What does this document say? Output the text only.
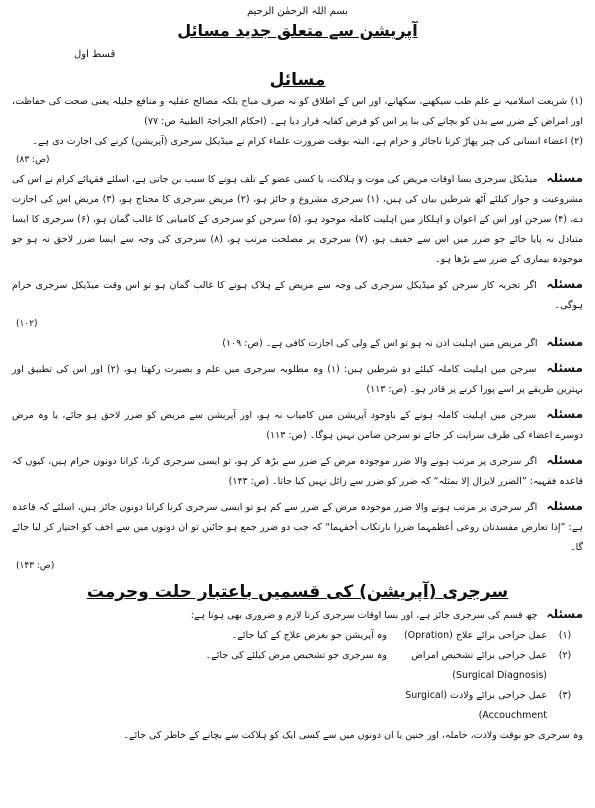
بسم اللہ الرحمٰن الرحیم
آپریشن سے متعلق جدید مسائل
قسط اول
مسائل
(۱) شریعت اسلامیہ نے علم طب سیکھنے، سکھانے، اور اس کے اطلاق کو نہ صرف مباح بلکہ مصالح عقلیہ و منافع جلیلہ یعنی صحت کی حفاظت، اور امراض کے ضرر سے بدن کو بچانے کی بنا پر اس کو فرض کفایہ قرار دیا ہے۔ (احکام الجراحۃ الطبیۃ ص: ۷۷)
(۲) اعضاء انسانی کی چیر پھاڑ کرنا ناجائز و حرام ہے، البتہ بوقت ضرورت علماء کرام نے میڈیکل سرجری (آپریشن) کرنے کی اجازت دی ہے۔
(ص: ۸۳)
مسئلہ میڈیکل سرجری بسا اوقات مریض کی موت و ہلاکت، یا کسی عضو کے تلف ہونے کا سبب بن جاتی ہے، اسلئے فقہائے کرام نے اس کی مشروعیت و جواز کیلئے آٹھ شرطیں بیان کی ہیں، (۱) سرجری مشروع و جائز ہو، (۲) مریض سرجری کا محتاج ہو، (۳) مریض اس کی اجازت دے، (۴) سرجن اور اس کے اعوان و اہلکار میں اہلیت کاملہ موجود ہو، (۵) سرجن کو سرجری کے کامیابی کا غالب گمان ہو، (۶) سرجری کا ایسا متبادل نہ پایا جائے جو ضرر میں اس سے خفیف ہو، (۷) سرجری پر مصلحت مرتب ہو، (۸) سرجری کی وجہ سے ایسا ضرر لاحق نہ ہو جو موجودہ بیماری کے ضرر سے بڑھا ہو۔
مسئلہ اگر تجربہ کار سرجن کو میڈیکل سرجری کی وجہ سے مریض کے ہلاک ہونے کا غالب گمان ہو تو اس وقت میڈیکل سرجری حرام ہوگی۔
(۱۰۲)
مسئلہ اگر مریض میں اہلیت اذن نہ ہو تو اس کے ولی کی اجازت کافی ہے۔ (ص: ۱۰۹)
مسئلہ سرجن میں اہلیت کاملہ کیلئے دو شرطیں ہیں: (۱) وہ مطلوبہ سرجری میں علم و بصیرت رکھتا ہو، (۲) اور اس کی تطبیق اور بہترین طریقے پر اسے پورا کرنے پر قادر ہو۔ (ص: ۱۱۳)
مسئلہ سرجن میں اہلیت کاملہ ہونے کے باوجود آپریشن میں کامیاب نہ ہو، اور آپریشن سے مریض کو ضرر لاحق ہو جائے، یا وہ مرض دوسرے اعضاء کی طرف سرایت کر جائے تو سرجن ضامن نہیں ہوگا۔ (ص: ۱۱۳)
مسئلہ اگر سرجری پر مرتب ہونے والا ضرر موجودہ مرض کے ضرر سے بڑھ کر ہو، تو ایسی سرجری کرنا، کرانا دونوں حرام ہیں، کیوں کہ قاعدہ فقہیہ: ”الضرر لایزال إلا بمثلہ“ کہ ضرر کو ضرر سے زائل نہیں کیا جاتا۔ (ص: ۱۴۳)
مسئلہ اگر سرجری پر مرتب ہونے والا ضرر موجودہ مرض کے ضرر سے کم ہو تو ایسی سرجری کرنا کرانا دونوں جائز ہیں، اسلئے کہ قاعدہ ہے: ”إذا تعارض مفسدتان روعی أعظمہما ضررا بارتکاب أخفہما“ کہ جب دو ضرر جمع ہو جائیں تو ان دونوں میں سے اخف کو اختیار کر لیا جائے گا۔
(ص: ۱۴۳)
سرجری (آپریشن) کی قسمیں باعتبار حلت وحرمت
مسئلہ چھ قسم کی سرجری جائز ہے، اور بسا اوقات سرجری کرنا لازم و ضروری بھی ہوتا ہے:
(۱)
عمل جراحی برائے علاج (Opration)
وہ آپریشن جو بغرض علاج کے کیا جائے۔
(۲)
عمل جراحی برائے تشخیص امراض (Surgical Diagnosis)
وہ سرجری جو تشخیص مرض کیلئے کی جائے۔
(۳)
عمل جراحی برائے ولادت (Surgical Accouchment)
وہ سرجری جو بوقت ولادت، حاملہ، اور جنین یا ان دونوں میں سے کسی ایک کو ہلاکت سے بچانے کے خاطر کی جائے۔
